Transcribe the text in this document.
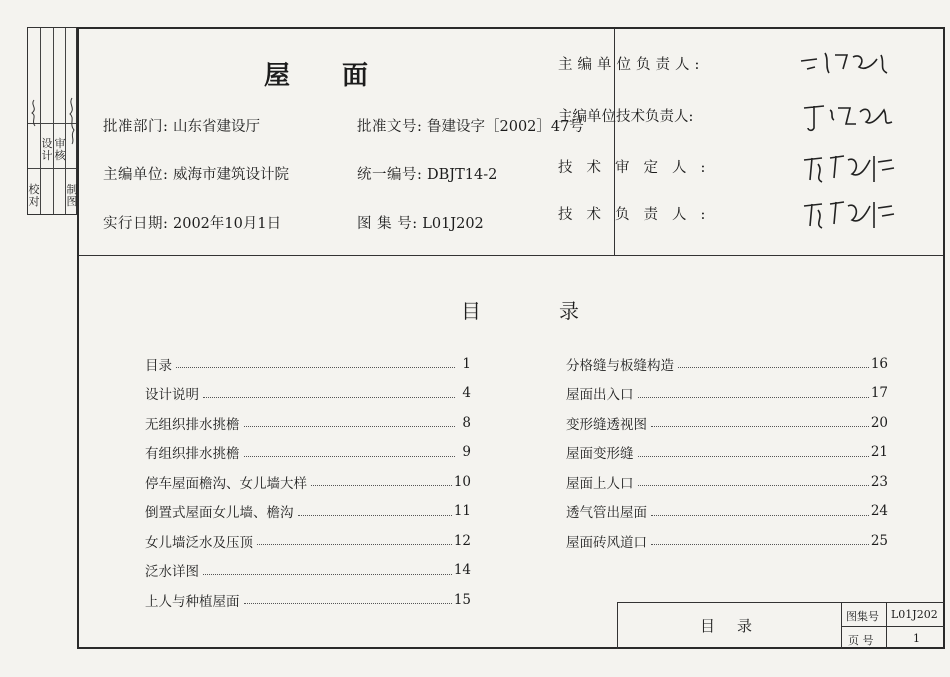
校对
设计
审核
制图
屋面
批准部门: 山东省建设厅	批准文号: 鲁建设字［2002］47号
主编单位: 威海市建筑设计院	统一编号: DBJT14-2
实行日期: 2002年10月1日	图 集 号: L01J202
目录
目录	1
设计说明	4
无组织排水挑檐	8
有组织排水挑檐	9
停车屋面檐沟、女儿墙大样	10
倒置式屋面女儿墙、檐沟	11
女儿墙泛水及压顶	12
泛水详图	14
上人与种植屋面	15
分格缝与板缝构造	16
屋面出入口	17
变形缝透视图	20
屋面变形缝	21
屋面上人口	23
透气管出屋面	24
屋面砖风道口	25
目录
图集号 L01J202
页 号	1
主编单位负责人:
主编单位技术负责人:
技术审定人:
技术负责人:
